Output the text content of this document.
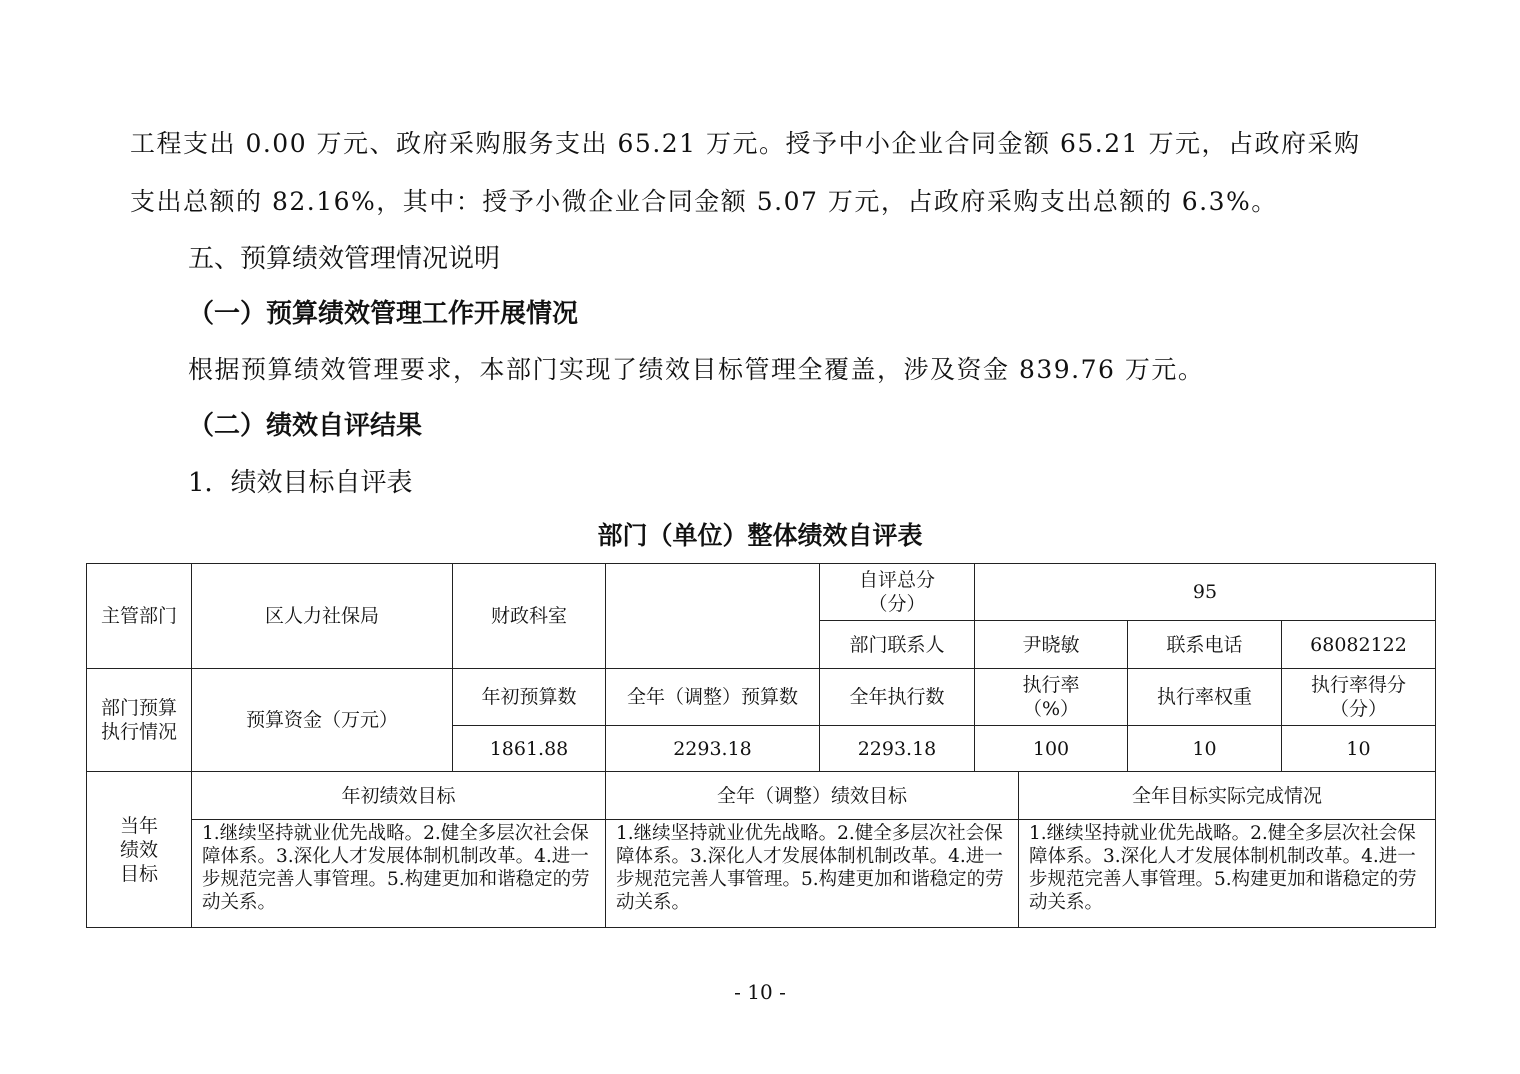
工程支出 0.00 万元、政府采购服务支出 65.21 万元。授予中小企业合同金额 65.21 万元，占政府采购
支出总额的 82.16%，其中：授予小微企业合同金额 5.07 万元，占政府采购支出总额的 6.3%。
五、预算绩效管理情况说明
（一）预算绩效管理工作开展情况
根据预算绩效管理要求，本部门实现了绩效目标管理全覆盖，涉及资金 839.76 万元。
（二）绩效自评结果
1．绩效目标自评表
部门（单位）整体绩效自评表
主管部门	区人力社保局	财政科室		自评总分
（分）	95			
				部门联系人	尹晓敏		联系电话	68082122
部门预算
执行情况	预算资金（万元）	年初预算数	全年（调整）预算数	全年执行数	执行率
（%）		执行率权重	执行率得分
（分）
		1861.88	2293.18	2293.18	100		10	10
当年
绩效
目标	年初绩效目标		全年（调整）绩效目标			全年目标实际完成情况		
	1.继续坚持就业优先战略。2.健全多层次社会保障体系。3.深化人才发展体制机制改革。4.进一步规范完善人事管理。5.构建更加和谐稳定的劳动关系。		1.继续坚持就业优先战略。2.健全多层次社会保障体系。3.深化人才发展体制机制改革。4.进一步规范完善人事管理。5.构建更加和谐稳定的劳动关系。			1.继续坚持就业优先战略。2.健全多层次社会保障体系。3.深化人才发展体制机制改革。4.进一步规范完善人事管理。5.构建更加和谐稳定的劳动关系。		
- 10 -
